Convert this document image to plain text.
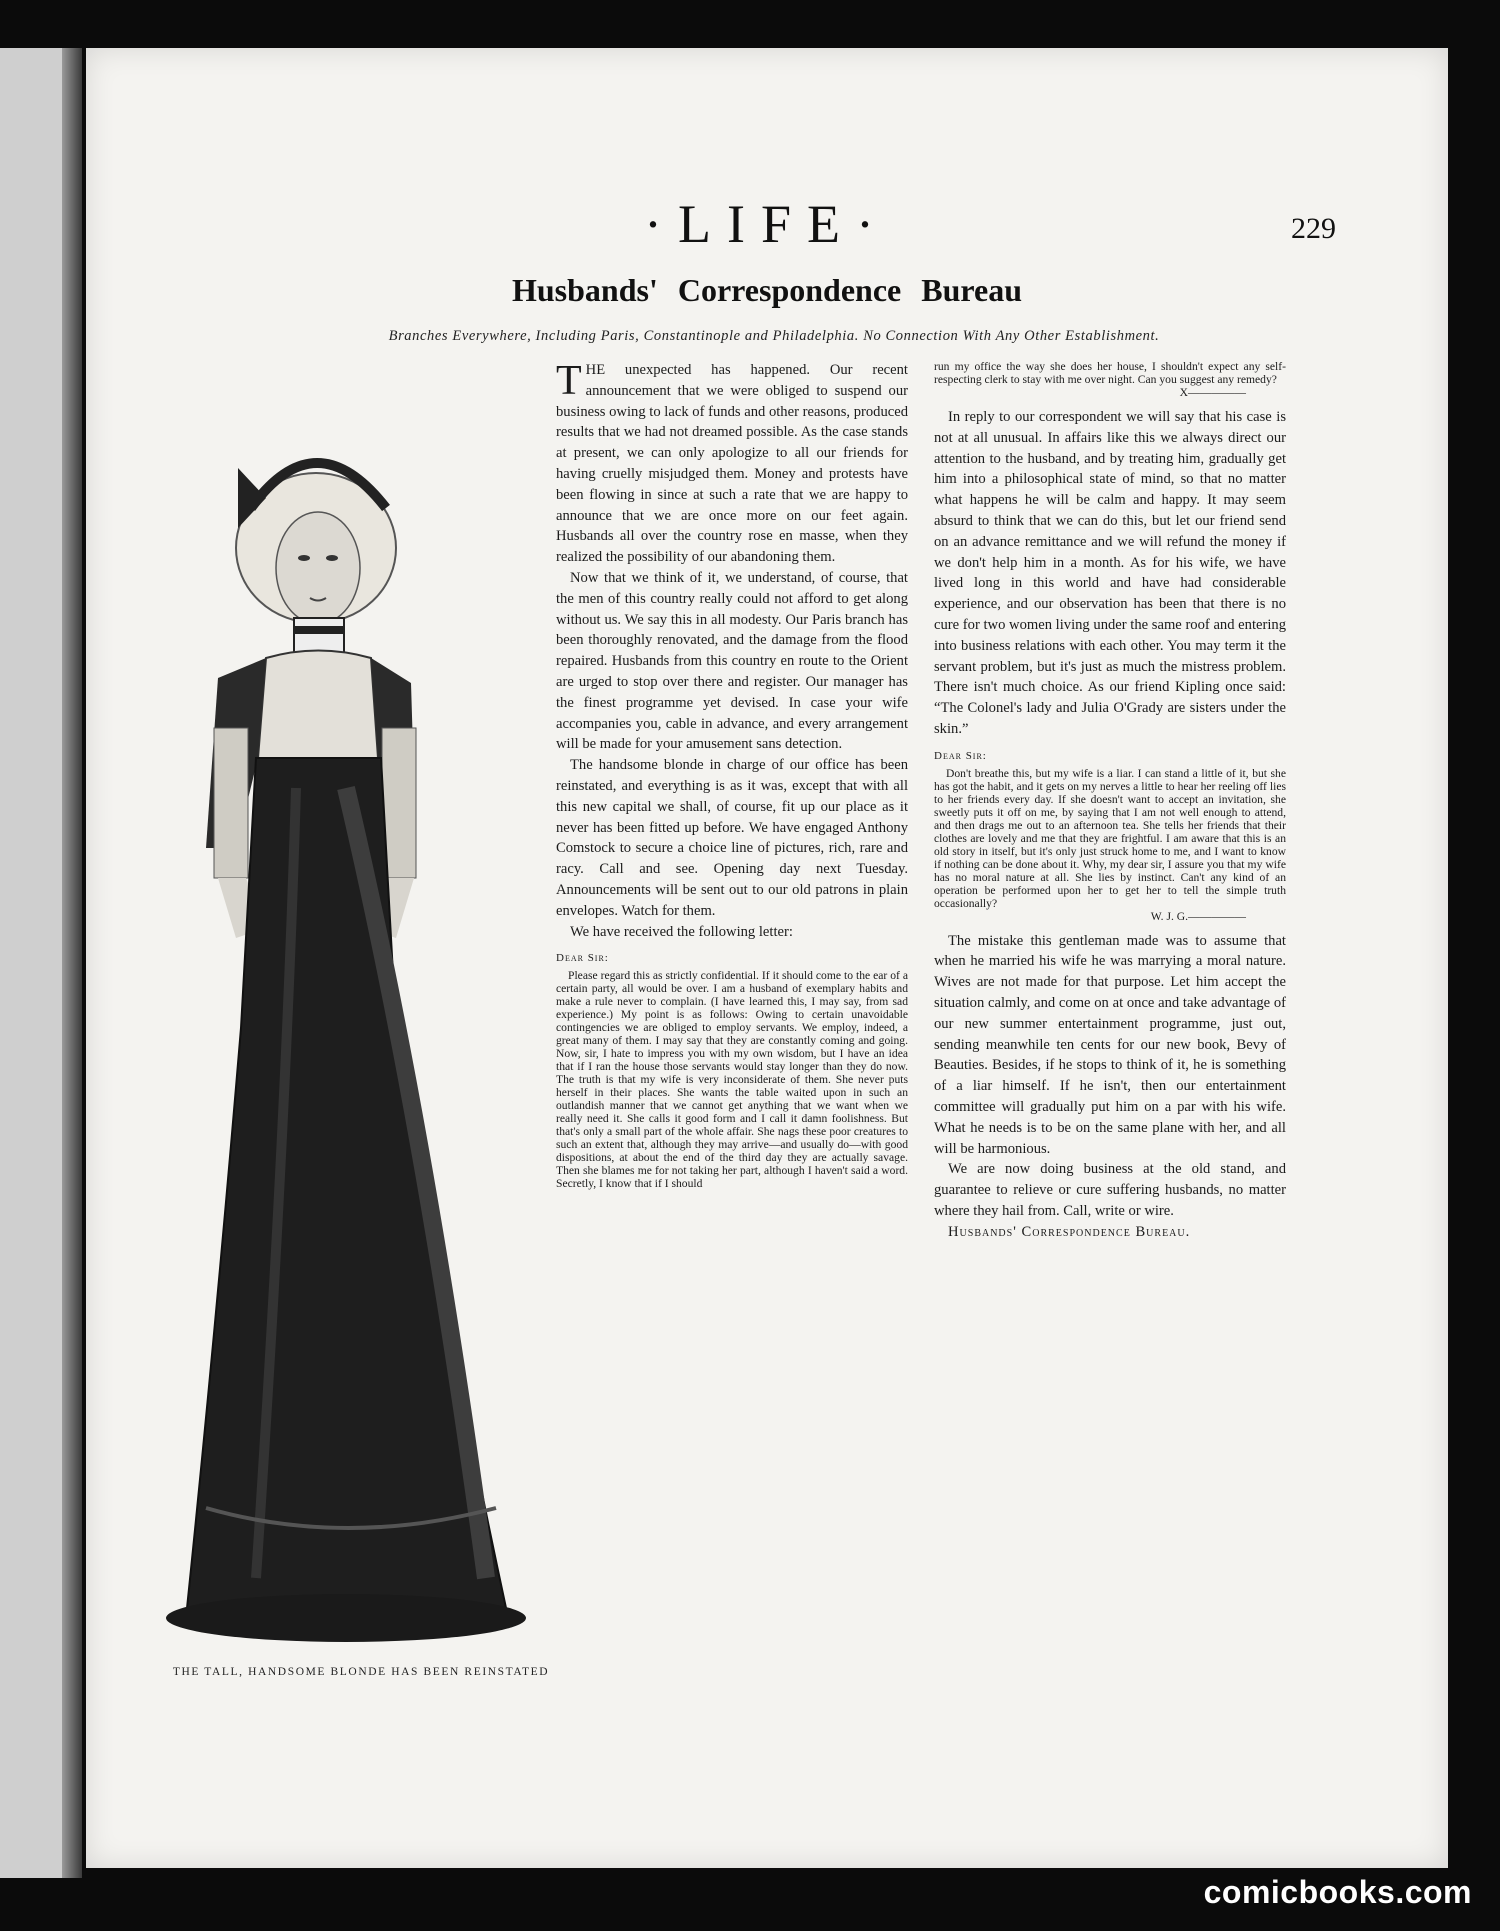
·LIFE·	229
Husbands' Correspondence Bureau
Branches Everywhere, Including Paris, Constantinople and Philadelphia. No Connection With Any Other Establishment.
THE TALL, HANDSOME BLONDE HAS BEEN REINSTATED

THE unexpected has happened. Our recent announcement that we were obliged to suspend our business owing to lack of funds and other reasons, produced results that we had not dreamed possible. As the case stands at present, we can only apologize to all our friends for having cruelly misjudged them. Money and protests have been flowing in since at such a rate that we are happy to announce that we are once more on our feet again. Husbands all over the country rose en masse, when they realized the possibility of our abandoning them.

Now that we think of it, we understand, of course, that the men of this country really could not afford to get along without us. We say this in all modesty. Our Paris branch has been thoroughly renovated, and the damage from the flood repaired. Husbands from this country en route to the Orient are urged to stop over there and register. Our manager has the finest programme yet devised. In case your wife accompanies you, cable in advance, and every arrangement will be made for your amusement sans detection.

The handsome blonde in charge of our office has been reinstated, and everything is as it was, except that with all this new capital we shall, of course, fit up our place as it never has been fitted up before. We have engaged Anthony Comstock to secure a choice line of pictures, rich, rare and racy. Call and see. Opening day next Tuesday. Announcements will be sent out to our old patrons in plain envelopes. Watch for them.

We have received the following letter:

Dear Sir:

Please regard this as strictly confidential. If it should come to the ear of a certain party, all would be over. I am a husband of exemplary habits and make a rule never to complain. (I have learned this, I may say, from sad experience.) My point is as follows: Owing to certain unavoidable contingencies we are obliged to employ servants. We employ, indeed, a great many of them. I may say that they are constantly coming and going. Now, sir, I hate to impress you with my own wisdom, but I have an idea that if I ran the house those servants would stay longer than they do now. The truth is that my wife is very inconsiderate of them. She never puts herself in their places. She wants the table waited upon in such an outlandish manner that we cannot get anything that we want when we really need it. She calls it good form and I call it damn foolishness. But that's only a small part of the whole affair. She nags these poor creatures to such an extent that, although they may arrive—and usually do—with good dispositions, at about the end of the third day they are actually savage. Then she blames me for not taking her part, although I haven't said a word. Secretly, I know that if I should

run my office the way she does her house, I shouldn't expect any self-respecting clerk to stay with me over night. Can you suggest any remedy?

X—————

In reply to our correspondent we will say that his case is not at all unusual. In affairs like this we always direct our attention to the husband, and by treating him, gradually get him into a philosophical state of mind, so that no matter what happens he will be calm and happy. It may seem absurd to think that we can do this, but let our friend send on an advance remittance and we will refund the money if we don't help him in a month. As for his wife, we have lived long in this world and have had considerable experience, and our observation has been that there is no cure for two women living under the same roof and entering into business relations with each other. You may term it the servant problem, but it's just as much the mistress problem. There isn't much choice. As our friend Kipling once said: “The Colonel's lady and Julia O'Grady are sisters under the skin.”

Dear Sir:

Don't breathe this, but my wife is a liar. I can stand a little of it, but she has got the habit, and it gets on my nerves a little to hear her reeling off lies to her friends every day. If she doesn't want to accept an invitation, she sweetly puts it off on me, by saying that I am not well enough to attend, and then drags me out to an afternoon tea. She tells her friends that their clothes are lovely and me that they are frightful. I am aware that this is an old story in itself, but it's only just struck home to me, and I want to know if nothing can be done about it. Why, my dear sir, I assure you that my wife has no moral nature at all. She lies by instinct. Can't any kind of an operation be performed upon her to get her to tell the simple truth occasionally?

W. J. G.—————

The mistake this gentleman made was to assume that when he married his wife he was marrying a moral nature. Wives are not made for that purpose. Let him accept the situation calmly, and come on at once and take advantage of our new summer entertainment programme, just out, sending meanwhile ten cents for our new book, Bevy of Beauties. Besides, if he stops to think of it, he is something of a liar himself. If he isn't, then our entertainment committee will gradually put him on a par with his wife. What he needs is to be on the same plane with her, and all will be harmonious.

We are now doing business at the old stand, and guarantee to relieve or cure suffering husbands, no matter where they hail from. Call, write or wire.

Husbands' Correspondence Bureau.

comicbooks.com
